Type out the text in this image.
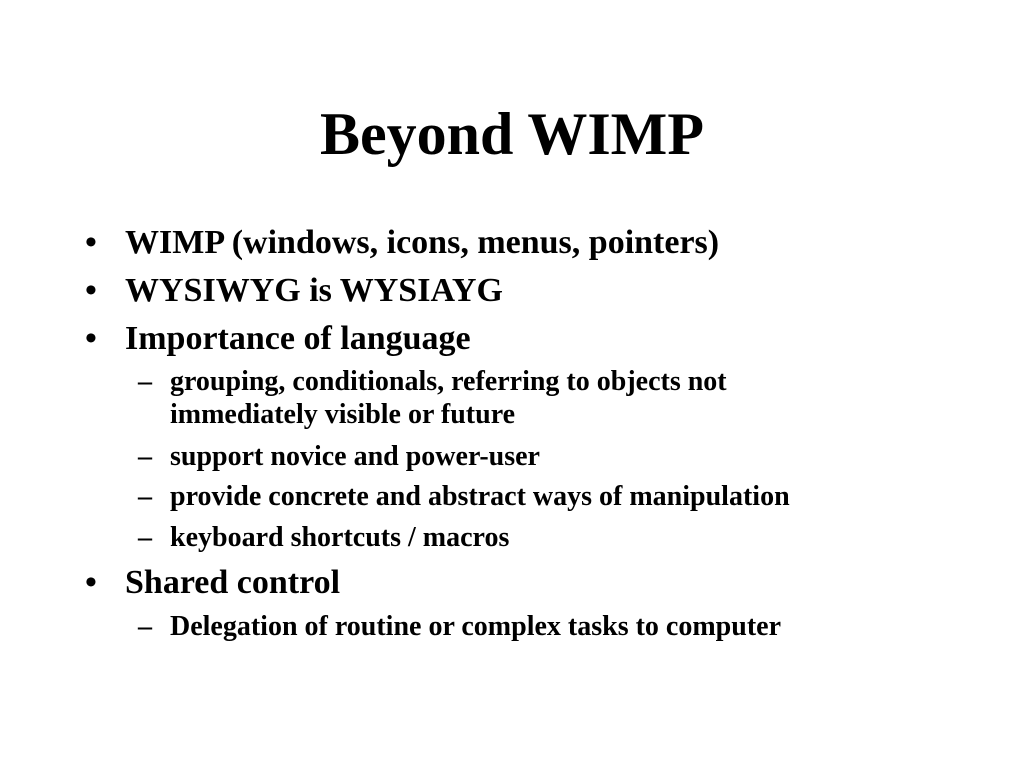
Beyond WIMP
• WIMP (windows, icons, menus, pointers)
• WYSIWYG is WYSIAYG
• Importance of language
– grouping, conditionals, referring to objects not
immediately visible or future
– support novice and power-user
– provide concrete and abstract ways of manipulation
– keyboard shortcuts / macros
• Shared control
– Delegation of routine or complex tasks to computer
